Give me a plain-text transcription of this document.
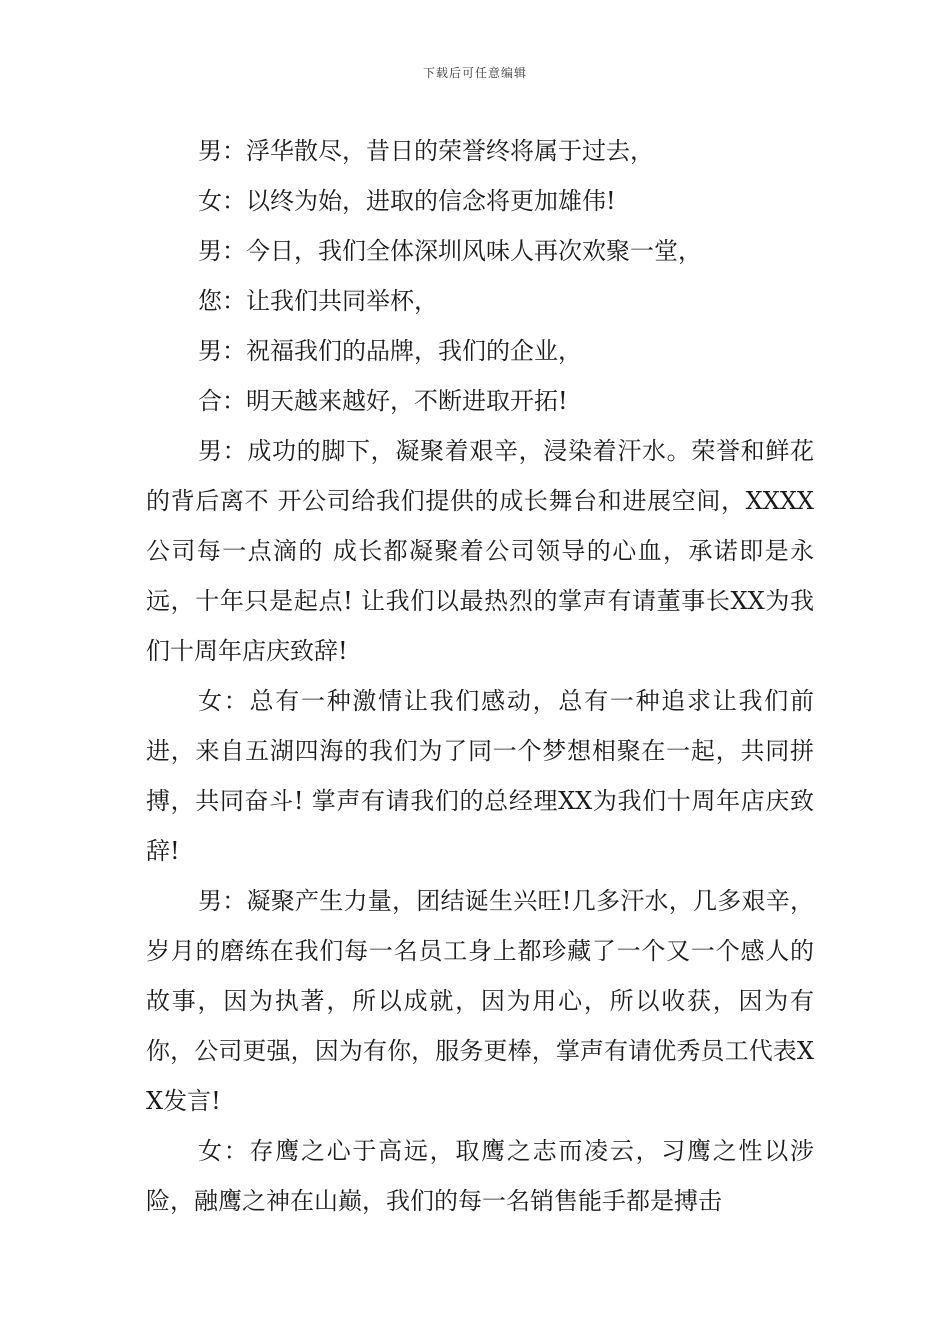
下载后可任意编辑

男：浮华散尽，昔日的荣誉终将属于过去，

女：以终为始，进取的信念将更加雄伟!

男：今日，我们全体深圳风味人再次欢聚一堂，

您：让我们共同举杯，

男：祝福我们的品牌，我们的企业，

合：明天越来越好，不断进取开拓!

男：成功的脚下，凝聚着艰辛，浸染着汗水。荣誉和鲜花的背后离不 开公司给我们提供的成长舞台和进展空间，XXXX公司每一点滴的 成长都凝聚着公司领导的心血，承诺即是永远，十年只是起点! 让我们以最热烈的掌声有请董事长XX为我们十周年店庆致辞!

女：总有一种激情让我们感动，总有一种追求让我们前进，来自五湖四海的我们为了同一个梦想相聚在一起，共同拼搏，共同奋斗! 掌声有请我们的总经理XX为我们十周年店庆致辞!

男：凝聚产生力量，团结诞生兴旺!几多汗水，几多艰辛，岁月的磨练在我们每一名员工身上都珍藏了一个又一个感人的故事，因为执著，所以成就，因为用心，所以收获，因为有你，公司更强，因为有你，服务更棒，掌声有请优秀员工代表XX发言!

女：存鹰之心于高远，取鹰之志而凌云，习鹰之性以涉险，融鹰之神在山巅，我们的每一名销售能手都是搏击
